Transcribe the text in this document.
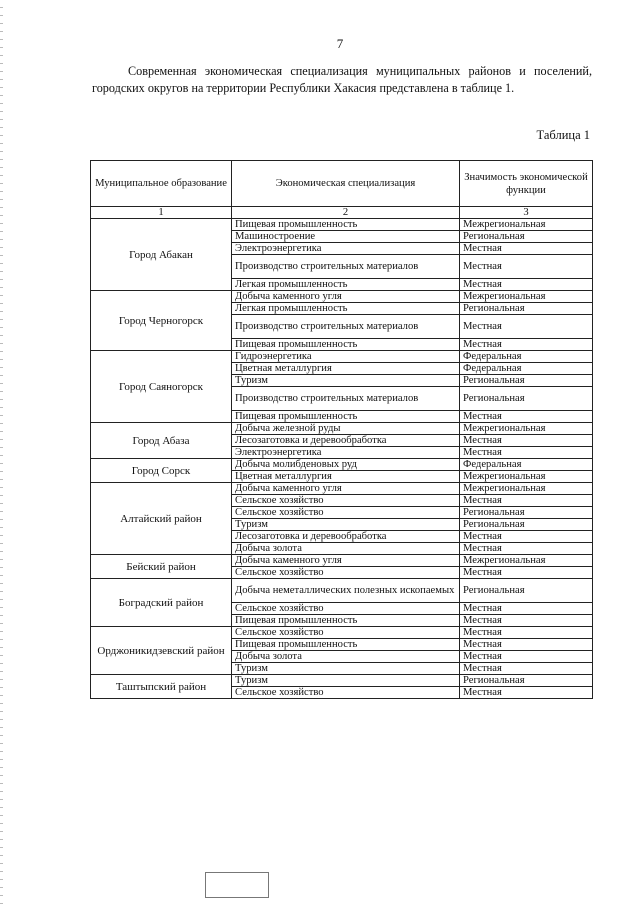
7
Современная экономическая специализация муниципальных районов и поселений, городских округов на территории Республики Хакасия представлена в таблице 1.
Таблица 1
Муниципальное образование	Экономическая специализация	Значимость экономической функции
1	2	3
Город Абакан	Пищевая промышленность	Межрегиональная
	Машиностроение	Региональная
	Электроэнергетика	Местная
	Производство строительных материалов	Местная
	Легкая промышленность	Местная
Город Черногорск	Добыча каменного угля	Межрегиональная
	Легкая промышленность	Региональная
	Производство строительных материалов	Местная
	Пищевая промышленность	Местная
Город Саяногорск	Гидроэнергетика	Федеральная
	Цветная металлургия	Федеральная
	Туризм	Региональная
	Производство строительных материалов	Региональная
	Пищевая промышленность	Местная
Город Абаза	Добыча железной руды	Межрегиональная
	Лесозаготовка и деревообработка	Местная
	Электроэнергетика	Местная
Город Сорск	Добыча молибденовых руд	Федеральная
	Цветная металлургия	Межрегиональная
Алтайский район	Добыча каменного угля	Межрегиональная
	Сельское хозяйство	Местная
	Сельское хозяйство	Региональная
	Туризм	Региональная
	Лесозаготовка и деревообработка	Местная
	Добыча золота	Местная
Бейский район	Добыча каменного угля	Межрегиональная
	Сельское хозяйство	Местная
Боградский район	Добыча неметаллических полезных ископаемых	Региональная
	Сельское хозяйство	Местная
	Пищевая промышленность	Местная
Орджоникидзевский район	Сельское хозяйство	Местная
	Пищевая промышленность	Местная
	Добыча золота	Местная
	Туризм	Местная
Таштыпский район	Туризм	Региональная
	Сельское хозяйство	Местная
